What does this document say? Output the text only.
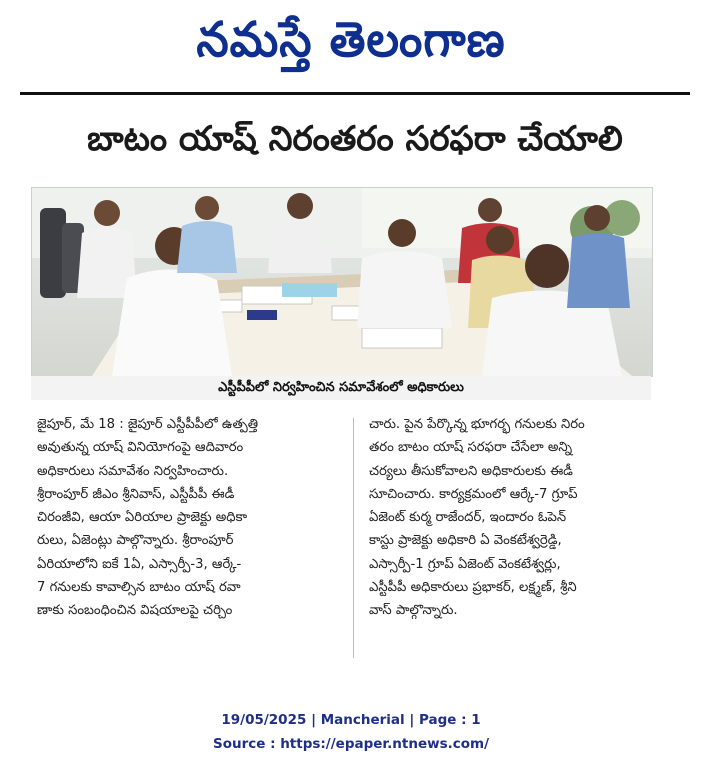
నమస్తే తెలంగాణ
బాటం యాష్ నిరంతరం సరఫరా చేయాలి
ఎస్టీపీపీలో నిర్వహించిన సమావేశంలో అధికారులు

జైపూర్, మే 18 : జైపూర్ ఎస్టీపీపీలో ఉత్పత్తి

అవుతున్న యాష్ వినియోగంపై ఆదివారం

అధికారులు సమావేశం నిర్వహించారు.

శ్రీరాంపూర్ జీఎం శ్రీనివాస్, ఎస్టీపీపీ ఈడీ

చిరంజీవి, ఆయా ఏరియాల ప్రాజెక్టు అధికా

రులు, ఏజెంట్లు పాల్గొన్నారు. శ్రీరాంపూర్

ఏరియాలోని ఐకే 1ఏ, ఎస్సార్పీ-3, ఆర్కే-

7 గనులకు కావాల్సిన బాటం యాష్ రవా

ణాకు సంబంధించిన విషయాలపై చర్చిం

చారు. పైన పేర్కొన్న భూగర్భ గనులకు నిరం

తరం బాటం యాష్ సరఫరా చేసేలా అన్ని

చర్యలు తీసుకోవాలని అధికారులకు ఈడీ

సూచించారు. కార్యక్రమంలో ఆర్కే-7 గ్రూప్

ఏజెంట్ కుర్మ రాజేందర్, ఇందారం ఓపెన్

కాస్టు ప్రాజెక్టు అధికారి ఏ వెంకటేశ్వర్రెడ్డి,

ఎస్సార్పీ-1 గ్రూప్ ఏజెంట్ వెంకటేశ్వర్లు,

ఎస్టీపీపీ అధికారులు ప్రభాకర్, లక్ష్మణ్, శ్రీని

వాస్ పాల్గొన్నారు.

19/05/2025 | Mancherial | Page : 1
Source : https://epaper.ntnews.com/
